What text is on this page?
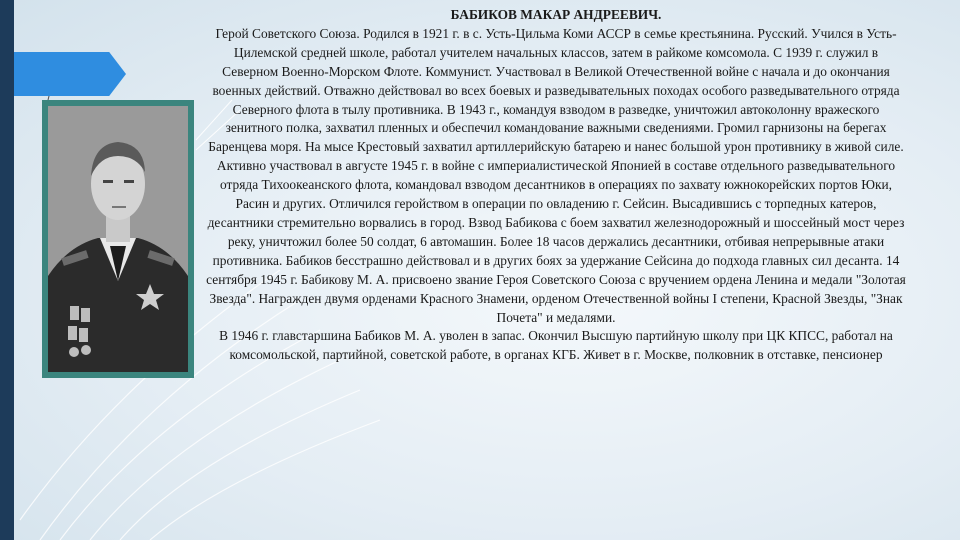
БАБИКОВ МАКАР АНДРЕЕВИЧ.

Герой Советского Союза. Родился в 1921 г. в с. Усть-Цильма Коми АССР в семье крестьянина. Русский. Учился в Усть-Цилемской средней школе, работал учителем начальных классов, затем в райкоме комсомола. С 1939 г. служил в Северном Военно-Морском Флоте. Коммунист. Участвовал в Великой Отечественной войне с начала и до окончания военных действий. Отважно действовал во всех боевых и разведывательных походах особого разведывательного отряда Северного флота в тылу противника. В 1943 г., командуя взводом в разведке, уничтожил автоколонну вражеского зенитного полка, захватил пленных и обеспечил командование важными сведениями. Громил гарнизоны на берегах Баренцева моря. На мысе Крестовый захватил артиллерийскую батарею и нанес большой урон противнику в живой силе.

Активно участвовал в августе 1945 г. в войне с империалистической Японией в составе отдельного разведывательного отряда Тихоокеанского флота, командовал взводом десантников в операциях по захвату южнокорейских портов Юки, Расин и других. Отличился геройством в операции по овладению г. Сейсин. Высадившись с торпедных катеров, десантники стремительно ворвались в город. Взвод Бабикова с боем захватил железнодорожный и шоссейный мост через реку, уничтожил более 50 солдат, 6 автомашин. Более 18 часов держались десантники, отбивая непрерывные атаки противника. Бабиков бесстрашно действовал и в других боях за удержание Сейсина до подхода главных сил десанта. 14 сентября 1945 г. Бабикову М. А. присвоено звание Героя Советского Союза с вручением ордена Ленина и медали "Золотая Звезда". Награжден двумя орденами Красного Знамени, орденом Отечественной войны I степени, Красной Звезды, "Знак Почета" и медалями.

В 1946 г. главстаршина Бабиков М. А. уволен в запас. Окончил Высшую партийную школу при ЦК КПСС, работал на комсомольской, партийной, советской работе, в органах КГБ. Живет в г. Москве, полковник в отставке, пенсионер
